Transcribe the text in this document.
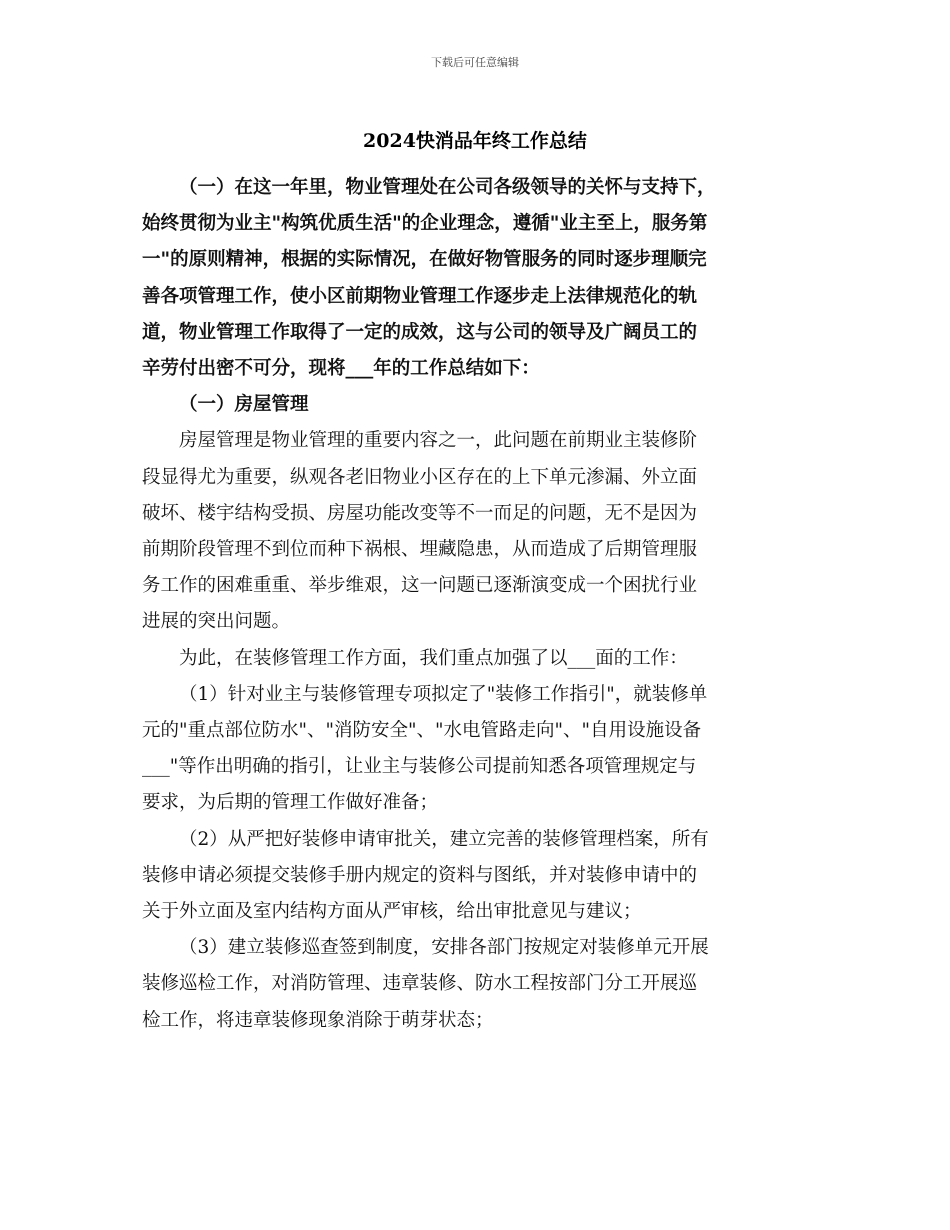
下载后可任意编辑
2024快消品年终工作总结
（一）在这一年里，物业管理处在公司各级领导的关怀与支持下，
始终贯彻为业主"构筑优质生活"的企业理念，遵循"业主至上，服务第
一"的原则精神，根据的实际情况，在做好物管服务的同时逐步理顺完
善各项管理工作，使小区前期物业管理工作逐步走上法律规范化的轨
道，物业管理工作取得了一定的成效，这与公司的领导及广阔员工的
辛劳付出密不可分，现将___年的工作总结如下：
（一）房屋管理
房屋管理是物业管理的重要内容之一，此问题在前期业主装修阶
段显得尤为重要，纵观各老旧物业小区存在的上下单元渗漏、外立面
破坏、楼宇结构受损、房屋功能改变等不一而足的问题，无不是因为
前期阶段管理不到位而种下祸根、埋藏隐患，从而造成了后期管理服
务工作的困难重重、举步维艰，这一问题已逐渐演变成一个困扰行业
进展的突出问题。
为此，在装修管理工作方面，我们重点加强了以___面的工作：
（1）针对业主与装修管理专项拟定了"装修工作指引"，就装修单
元的"重点部位防水"、"消防安全"、"水电管路走向"、"自用设施设备
___"等作出明确的指引，让业主与装修公司提前知悉各项管理规定与
要求，为后期的管理工作做好准备；
（2）从严把好装修申请审批关，建立完善的装修管理档案，所有
装修申请必须提交装修手册内规定的资料与图纸，并对装修申请中的
关于外立面及室内结构方面从严审核，给出审批意见与建议；
（3）建立装修巡查签到制度，安排各部门按规定对装修单元开展
装修巡检工作，对消防管理、违章装修、防水工程按部门分工开展巡
检工作，将违章装修现象消除于萌芽状态；
